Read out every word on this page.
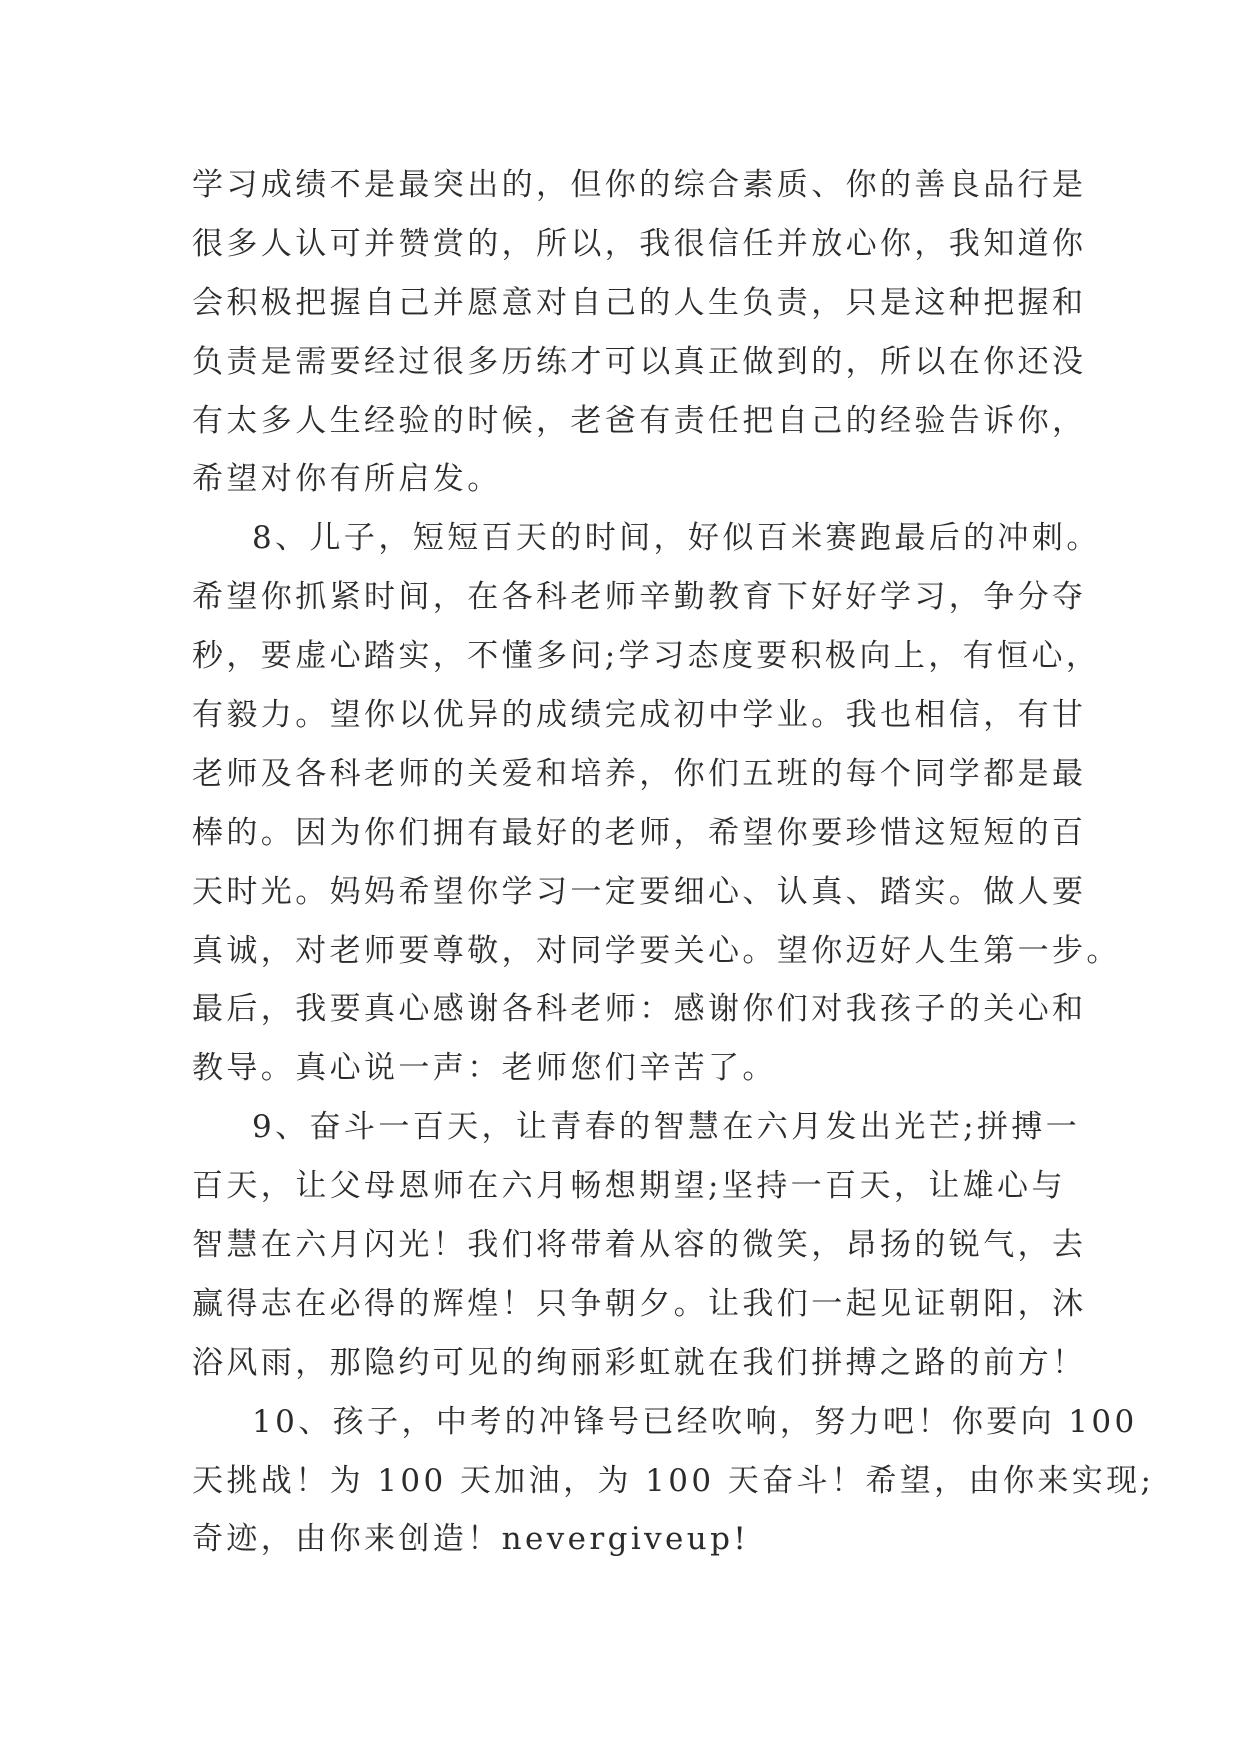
学习成绩不是最突出的，但你的综合素质、你的善良品行是
很多人认可并赞赏的，所以，我很信任并放心你，我知道你
会积极把握自己并愿意对自己的人生负责，只是这种把握和
负责是需要经过很多历练才可以真正做到的，所以在你还没
有太多人生经验的时候，老爸有责任把自己的经验告诉你，
希望对你有所启发。
8、儿子，短短百天的时间，好似百米赛跑最后的冲刺。
希望你抓紧时间，在各科老师辛勤教育下好好学习，争分夺
秒，要虚心踏实，不懂多问;学习态度要积极向上，有恒心，
有毅力。望你以优异的成绩完成初中学业。我也相信，有甘
老师及各科老师的关爱和培养，你们五班的每个同学都是最
棒的。因为你们拥有最好的老师，希望你要珍惜这短短的百
天时光。妈妈希望你学习一定要细心、认真、踏实。做人要
真诚，对老师要尊敬，对同学要关心。望你迈好人生第一步。
最后，我要真心感谢各科老师：感谢你们对我孩子的关心和
教导。真心说一声：老师您们辛苦了。
9、奋斗一百天，让青春的智慧在六月发出光芒;拼搏一
百天，让父母恩师在六月畅想期望;坚持一百天，让雄心与
智慧在六月闪光！我们将带着从容的微笑，昂扬的锐气，去
赢得志在必得的辉煌！只争朝夕。让我们一起见证朝阳，沐
浴风雨，那隐约可见的绚丽彩虹就在我们拼搏之路的前方！
10、孩子，中考的冲锋号已经吹响，努力吧！你要向 100
天挑战！为 100 天加油，为 100 天奋斗！希望，由你来实现;
奇迹，由你来创造！nevergiveup!
